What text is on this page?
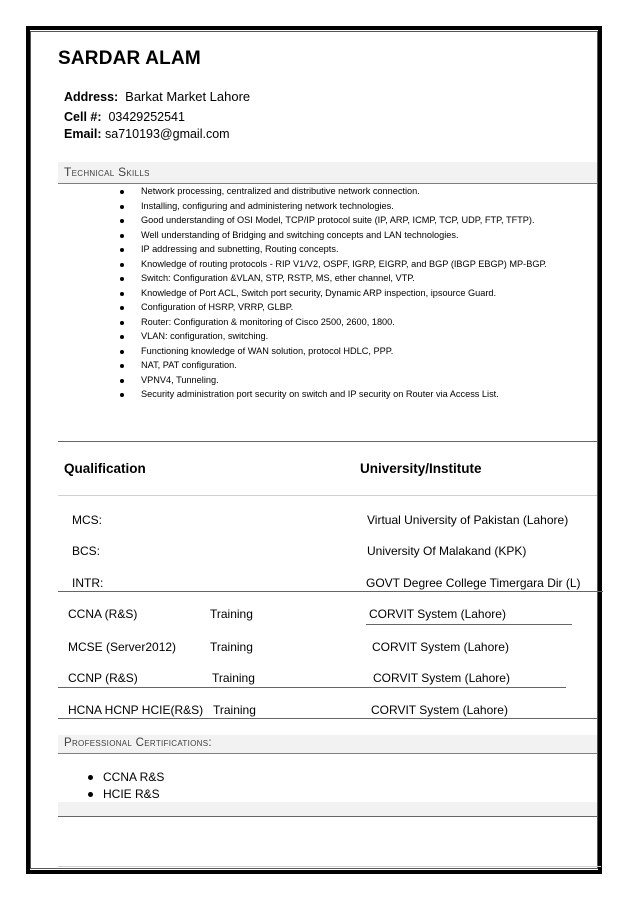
SARDAR ALAM
Address: Barkat Market Lahore
Cell #: 03429252541
Email: sa710193@gmail.com
Technical Skills
Network processing, centralized and distributive network connection.
Installing, configuring and administering network technologies.
Good understanding of OSI Model, TCP/IP protocol suite (IP, ARP, ICMP, TCP, UDP, FTP, TFTP).
Well understanding of Bridging and switching concepts and LAN technologies.
IP addressing and subnetting, Routing concepts.
Knowledge of routing protocols - RIP V1/V2, OSPF, IGRP, EIGRP, and BGP (IBGP EBGP) MP-BGP.
Switch: Configuration &VLAN, STP, RSTP, MS, ether channel, VTP.
Knowledge of Port ACL, Switch port security, Dynamic ARP inspection, ipsource Guard.
Configuration of HSRP, VRRP, GLBP.
Router: Configuration & monitoring of Cisco 2500, 2600, 1800.
VLAN: configuration, switching.
Functioning knowledge of WAN solution, protocol HDLC, PPP.
NAT, PAT configuration.
VPNV4, Tunneling.
Security administration port security on switch and IP security on Router via Access List.
Qualification	University/Institute
MCS:	Virtual University of Pakistan (Lahore)
BCS:	University Of Malakand (KPK)
INTR:	GOVT Degree College Timergara Dir (L)
CCNA (R&S)	Training	CORVIT System (Lahore)
MCSE (Server2012)	Training	CORVIT System (Lahore)
CCNP (R&S)	Training	CORVIT System (Lahore)
HCNA HCNP HCIE(R&S) Training	CORVIT System (Lahore)
Professional Certifications:
CCNA R&S
HCIE R&S
